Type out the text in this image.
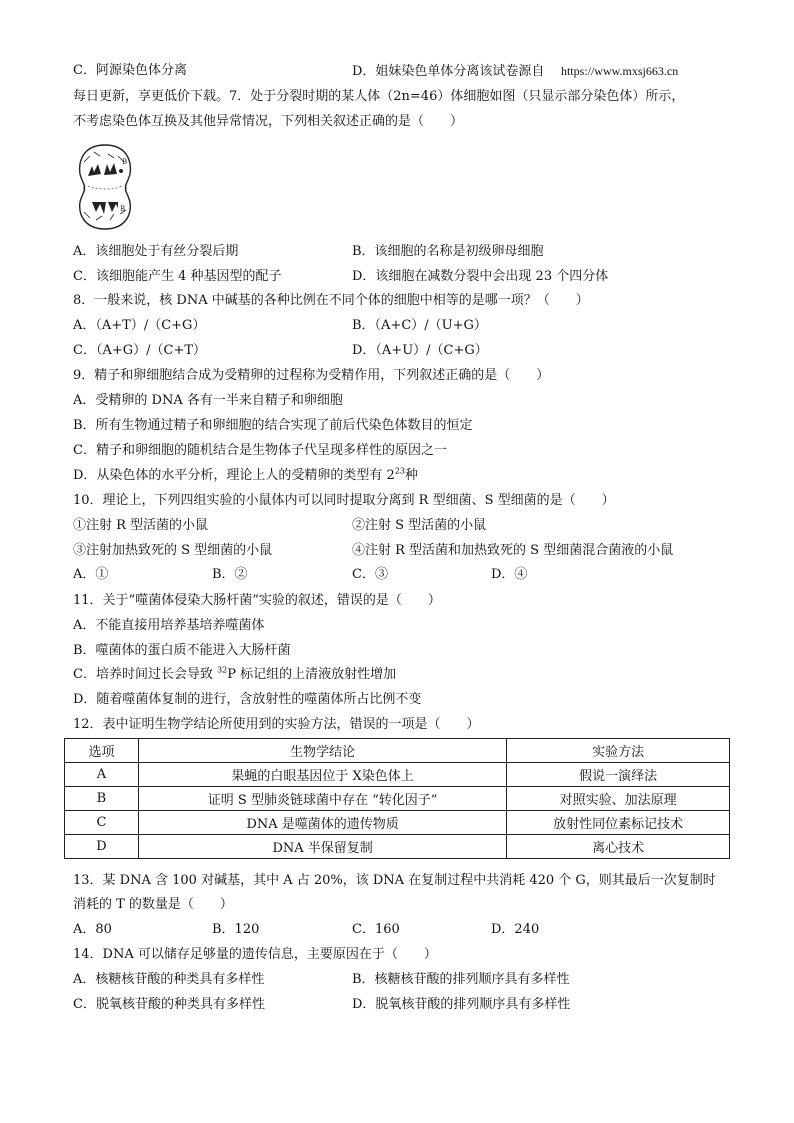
C．阿源染色体分离	D．姐妹染色单体分离该试卷源自 https://www.mxsj663.cn
每日更新，享更低价下载。7．处于分裂时期的某人体（2n=46）体细胞如图（只显示部分染色体）所示，
不考虑染色体互换及其他异常情况，下列相关叙述正确的是（　　）
B
B
A．该细胞处于有丝分裂后期	B．该细胞的名称是初级卵母细胞
C．该细胞能产生 4 种基因型的配子	D．该细胞在减数分裂中会出现 23 个四分体
8．一般来说，核 DNA 中碱基的各种比例在不同个体的细胞中相等的是哪一项？（　　）
A．（A+T）/（C+G）	B．（A+C）/（U+G）
C．（A+G）/（C+T）	D．（A+U）/（C+G）
9．精子和卵细胞结合成为受精卵的过程称为受精作用，下列叙述正确的是（　　）
A．受精卵的 DNA 各有一半来自精子和卵细胞
B．所有生物通过精子和卵细胞的结合实现了前后代染色体数目的恒定
C．精子和卵细胞的随机结合是生物体子代呈现多样性的原因之一
D．从染色体的水平分析，理论上人的受精卵的类型有 $2^{23}$种
10．理论上，下列四组实验的小鼠体内可以同时提取分离到 R 型细菌、S 型细菌的是（　　）
①注射 R 型活菌的小鼠	②注射 S 型活菌的小鼠
③注射加热致死的 S 型细菌的小鼠	④注射 R 型活菌和加热致死的 S 型细菌混合菌液的小鼠
A．①	B．②	C．③	D．④
11．关于“噬菌体侵染大肠杆菌”实验的叙述，错误的是（　　）
A．不能直接用培养基培养噬菌体
B．噬菌体的蛋白质不能进入大肠杆菌
C．培养时间过长会导致 $^{32}$P 标记组的上清液放射性增加
D．随着噬菌体复制的进行，含放射性的噬菌体所占比例不变
12．表中证明生物学结论所使用到的实验方法，错误的一项是（　　）
选项	生物学结论	实验方法
A	果蝇的白眼基因位于 X染色体上	假说一演绎法
B	证明 S 型肺炎链球菌中存在 “转化因子”	对照实验、加法原理
C	DNA 是噬菌体的遗传物质	放射性同位素标记技术
D	DNA 半保留复制	离心技术
13．某 DNA 含 100 对碱基，其中 A 占 20%，该 DNA 在复制过程中共消耗 420 个 G，则其最后一次复制时
消耗的 T 的数量是（　　）
A．80	B．120	C．160	D．240
14．DNA 可以储存足够量的遗传信息，主要原因在于（　　）
A．核糖核苷酸的种类具有多样性	B．核糖核苷酸的排列顺序具有多样性
C．脱氧核苷酸的种类具有多样性	D．脱氧核苷酸的排列顺序具有多样性
